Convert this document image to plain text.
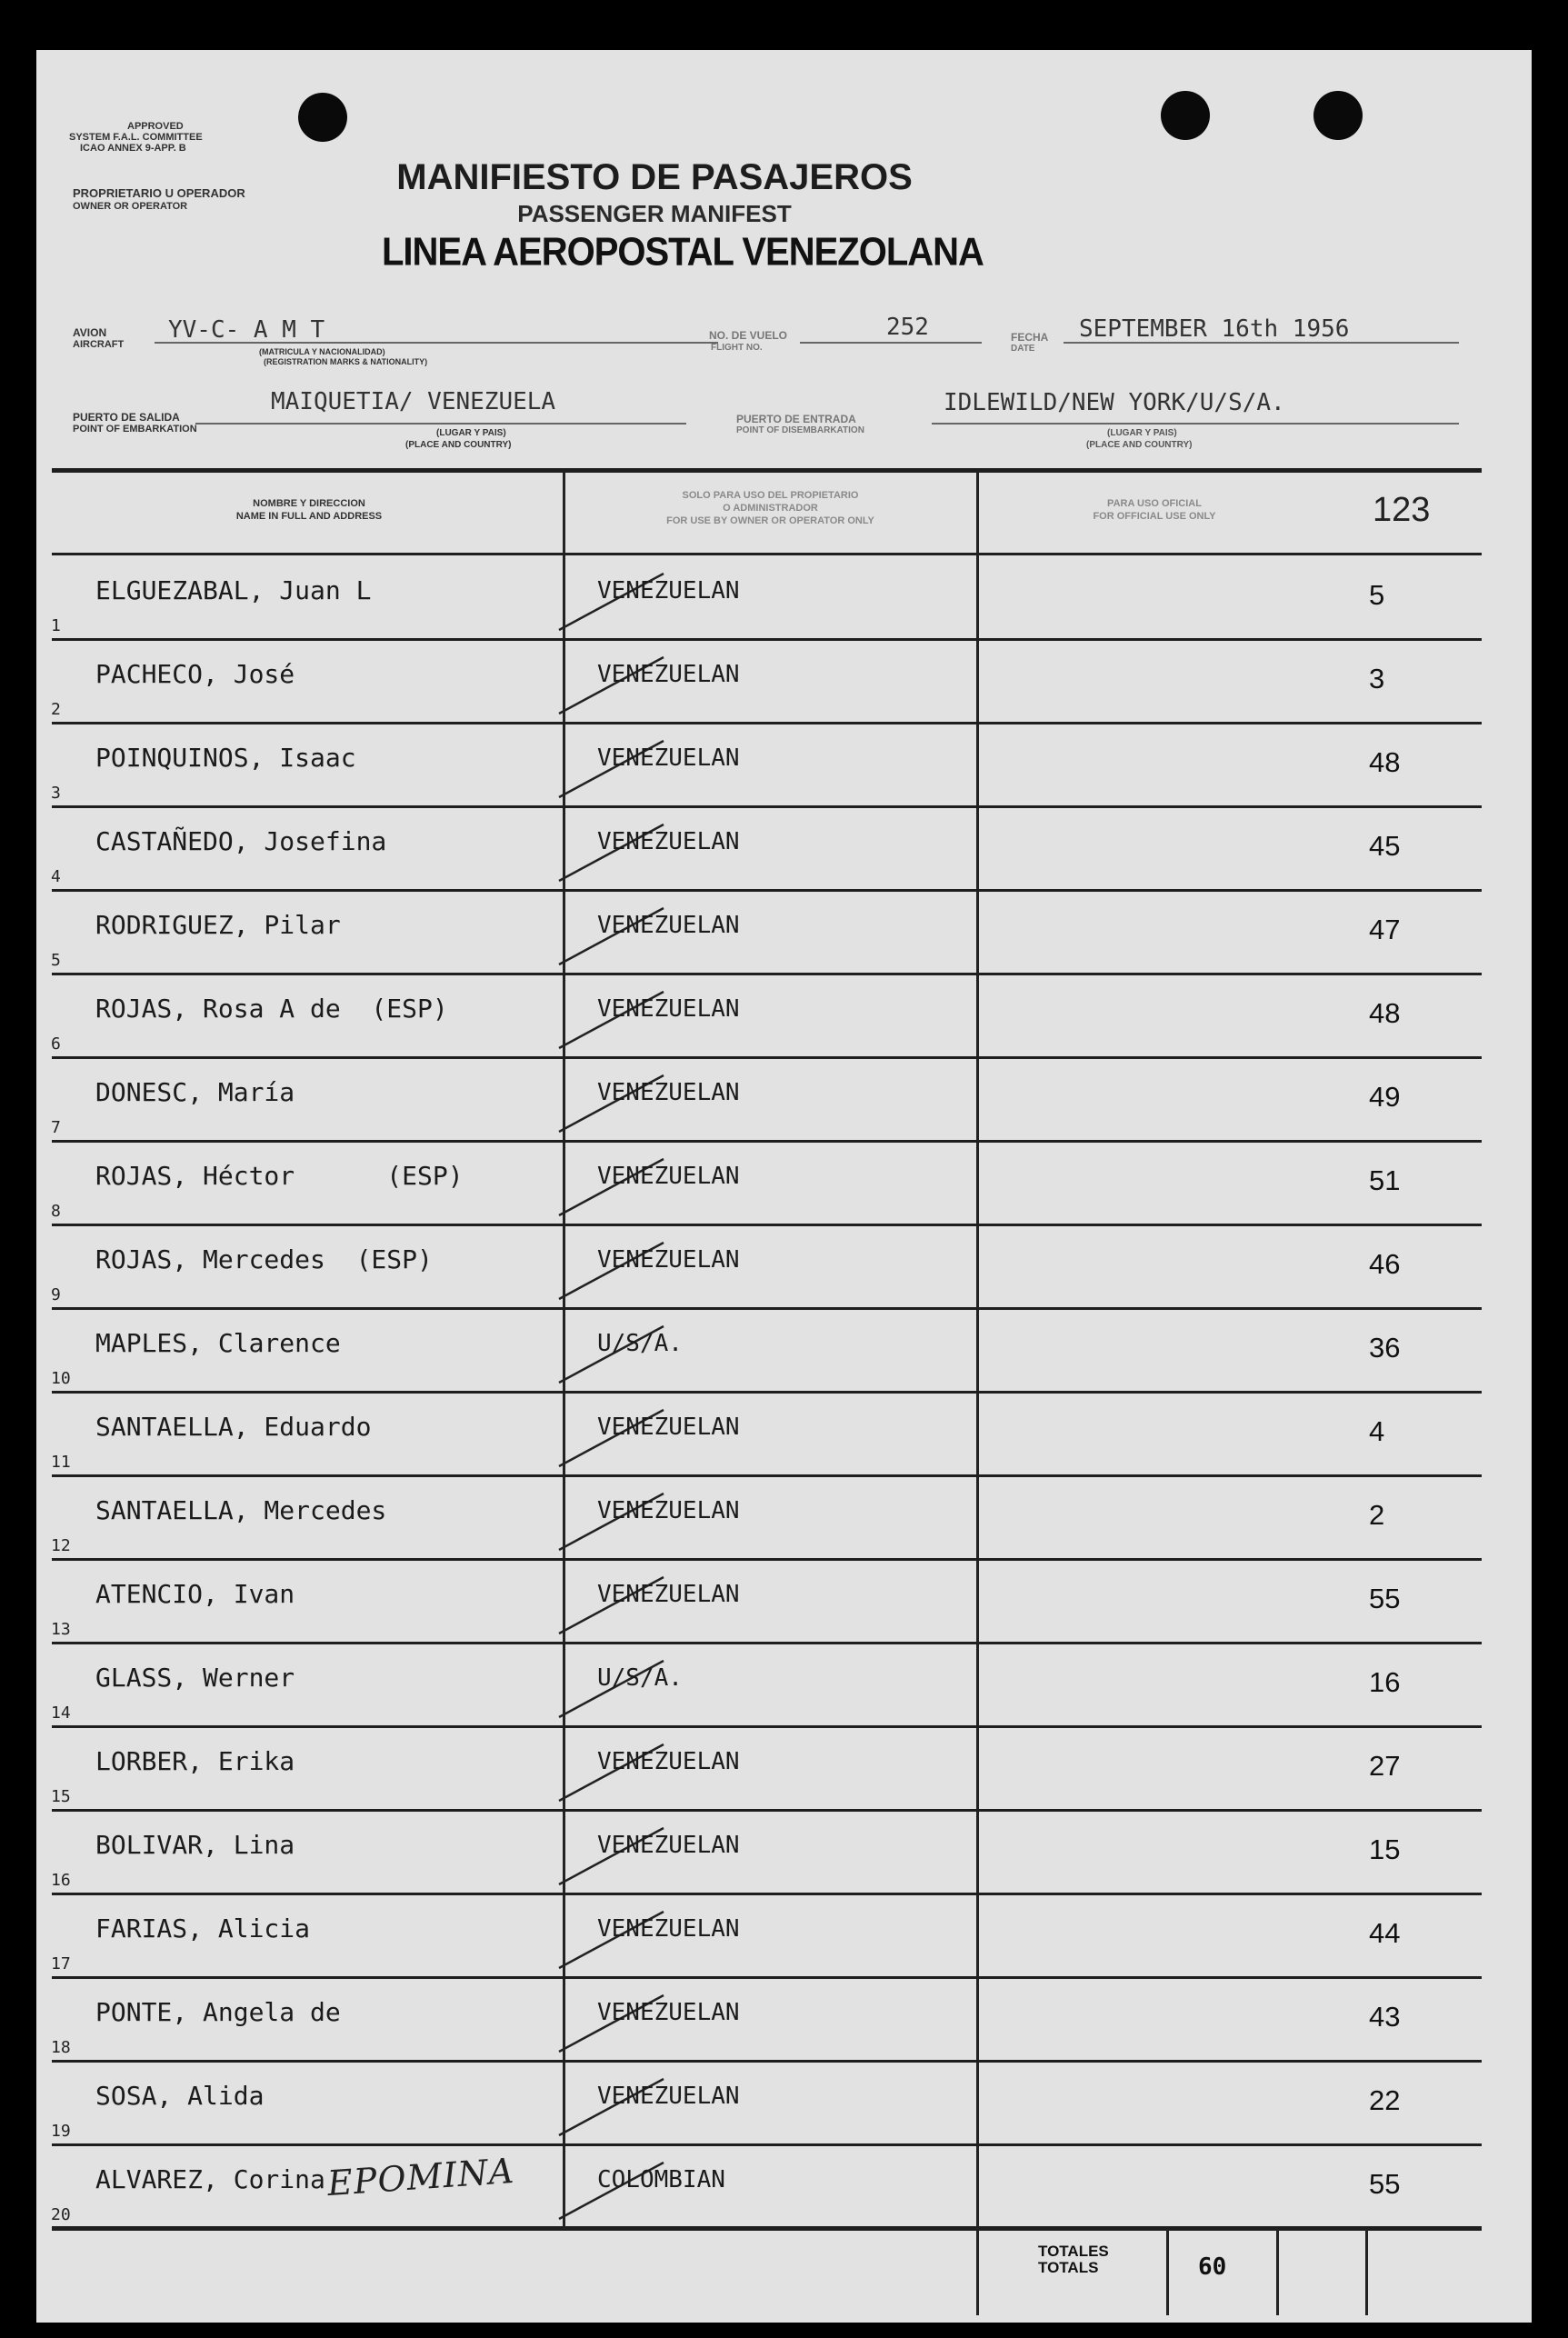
APPROVED
SYSTEM F.A.L. COMMITTEE
ICAO ANNEX 9-APP. B
PROPRIETARIO U OPERADOR
OWNER OR OPERATOR
MANIFIESTO DE PASAJEROS
PASSENGER MANIFEST
LINEA AEROPOSTAL VENEZOLANA
AVION
AIRCRAFT
YV-C- A M T
(MATRICULA Y NACIONALIDAD)
(REGISTRATION MARKS & NATIONALITY)
NO. DE VUELO
FLIGHT NO.
252	FECHA
DATE
SEPTEMBER 16th 1956
PUERTO DE SALIDA
POINT OF EMBARKATION
MAIQUETIA/ VENEZUELA
(LUGAR Y PAIS)
(PLACE AND COUNTRY)
PUERTO DE ENTRADA
POINT OF DISEMBARKATION
IDLEWILD/NEW YORK/U/S/A.
(LUGAR Y PAIS)
(PLACE AND COUNTRY)
NOMBRE Y DIRECCION
NAME IN FULL AND ADDRESS
SOLO PARA USO DEL PROPIETARIO
O ADMINISTRADOR
FOR USE BY OWNER OR OPERATOR ONLY
PARA USO OFICIAL
FOR OFFICIAL USE ONLY	123
1
ELGUEZABAL, Juan L	VENEZUELAN	5
2
PACHECO, José	VENEZUELAN	3
3
POINQUINOS, Isaac	VENEZUELAN	48
4
CASTAÑEDO, Josefina	VENEZUELAN	45
5
RODRIGUEZ, Pilar	VENEZUELAN	47
6
ROJAS, Rosa A de  (ESP)	VENEZUELAN	48
7
DONESC, María	VENEZUELAN	49
8
ROJAS, Héctor      (ESP)	VENEZUELAN	51
9
ROJAS, Mercedes  (ESP)	VENEZUELAN	46
10
MAPLES, Clarence	U/S/A.	36
11
SANTAELLA, Eduardo	VENEZUELAN	4
12
SANTAELLA, Mercedes	VENEZUELAN	2
13
ATENCIO, Ivan	VENEZUELAN	55
14
GLASS, Werner	U/S/A.	16
15
LORBER, Erika	VENEZUELAN	27
16
BOLIVAR, Lina	VENEZUELAN	15
17
FARIAS, Alicia	VENEZUELAN	44
18
PONTE, Angela de	VENEZUELAN	43
19
SOSA, Alida	VENEZUELAN	22
20
ALVAREZ, Corina	COLOMBIAN	55
EPOMINA
TOTALES
TOTALS	60
